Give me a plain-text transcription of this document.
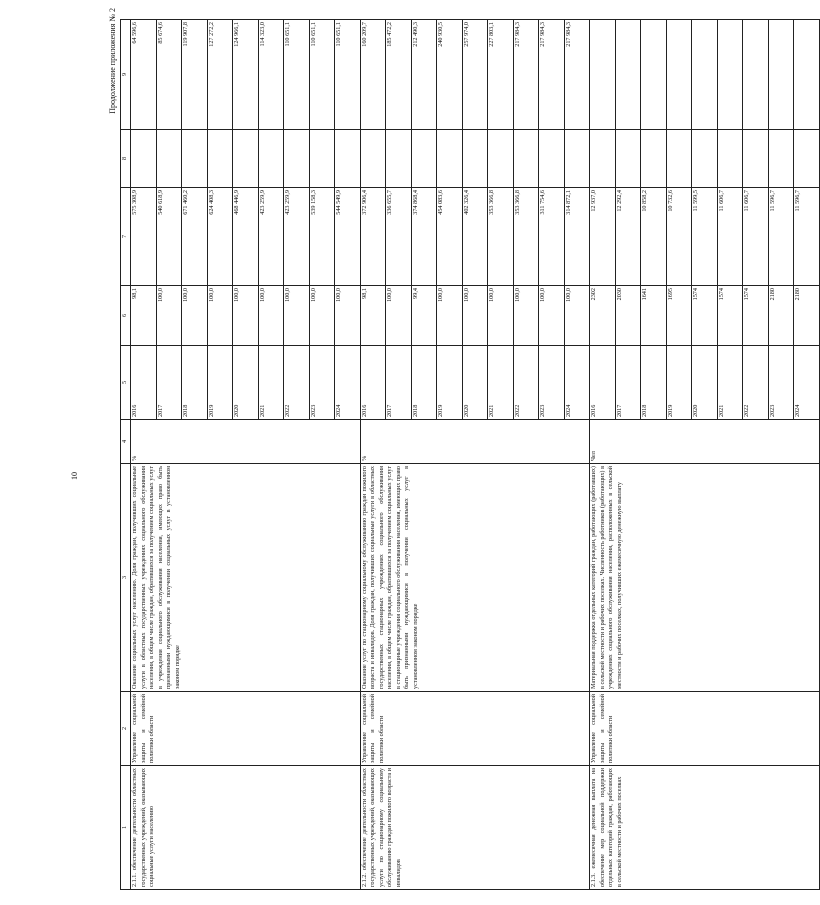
10
Продолжение приложения № 2
1	2	3	4	5	6	7	8	9
2.1.1. обеспечение деятельности областных государственных учреждений, оказывающих социальные услуги населению	Управление социальной защиты и семейной политики области	Оказание социальных услуг населению. Доля граждан, получивших социальные услуги в областных государственных учреждениях социального обслуживания населения, в общем числе граждан, обратившихся за получением социальных услуг в учреждения социального обслуживания населения, имеющих право быть признанными нуждающимися в получении социальных услуг в установленном законом порядке	%	2016	98,1	575 308,9		64 596,6
				2017	100,0	540 618,9		85 674,6
				2018	100,0	671 460,2		119 907,8
				2019	100,0	624 408,3		127 272,2
				2020	100,0	468 446,9		124 966,1
				2021	100,0	423 259,9		114 323,0
				2022	100,0	423 259,9		110 651,1
				2023	100,0	539 158,3		110 651,1
				2024	100,0	544 549,9		110 651,1
2.1.2. обеспечение деятельности областных государственных учреждений, оказывающих услуги по стационарному социальному обслуживанию граждан пожилого возраста и инвалидов	Управление социальной защиты и семейной политики области	Оказание услуг по стационарному социальному обслуживанию граждан пожилого возраста и инвалидов. Доля граждан, получивших социальные услуги в областных государственных стационарных учреждениях социального обслуживания населения, в общем числе граждан, обратившихся за получением социальных услуг в стационарные учреждения социального обслуживания населения, имеющих право быть признанными нуждающимися в получении социальных услуг в установленном законом порядке	%	2016	98,1	372 906,4		160 209,7
				2017	100,0	336 655,7		185 472,2
				2018	99,4	374 868,4		212 490,3
				2019	100,0	454 083,6		240 930,5
				2020	100,0	402 326,4		257 974,0
				2021	100,0	353 366,8		227 803,1
				2022	100,0	353 366,8		217 984,3
				2023	100,0	311 754,6		217 984,3
				2024	100,0	314 872,1		217 984,3
2.1.3. ежемесячная денежная выплата на обеспечение мер социальной поддержки отдельных категорий граждан, работающих в сельской местности и рабочих поселках	Управление социальной защиты и семейной политики области	Материальная поддержка отдельных категорий граждан, работающих (работавших) в сельской местности и рабочих поселках. Численность работников (работающих) в учреждениях социального обслуживания населения, расположенных в сельской местности и рабочих поселках, получивших ежемесячную денежную выплату	Чел	2016	2302	12 937,0		
				2017	2030	12 292,4		
				2018	1641	10 858,2		
				2019	1695	10 732,6		
				2020	1574	11 599,5		
				2021	1574	11 606,7		
				2022	1574	11 606,7		
				2023	2180	11 596,7		
				2024	2180	11 596,7		
